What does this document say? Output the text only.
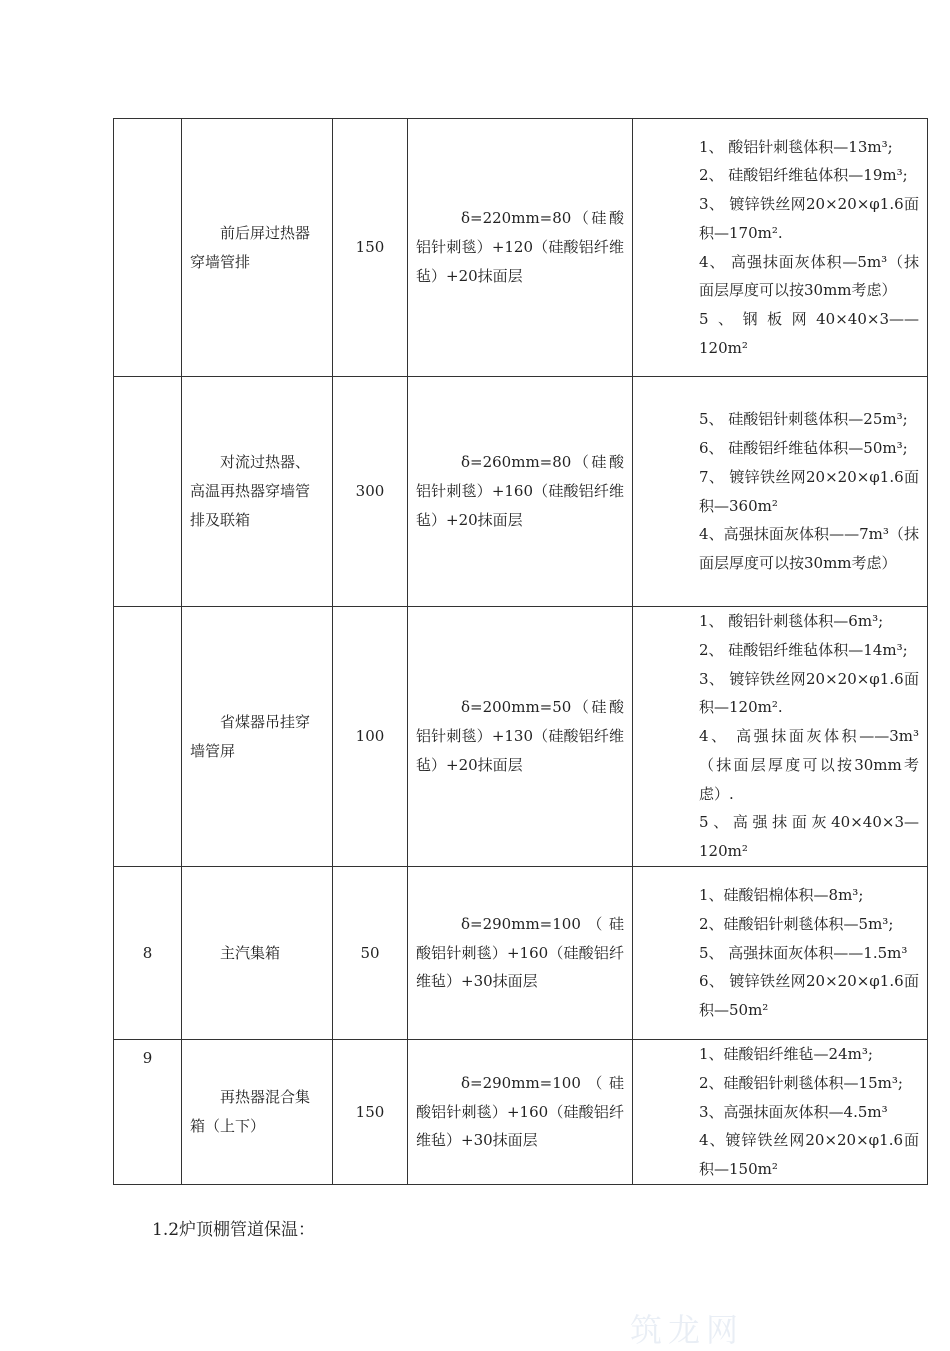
	前后屏过热器穿墙管排	150	δ=220mm=80（硅酸铝针刺毯）+120（硅酸铝纤维毡）+20抹面层	1、 酸铝针刺毯体积—13m³;
2、 硅酸铝纤维毡体积—19m³;
3、 镀锌铁丝网20×20×φ1.6面积—170m².
4、 高强抹面灰体积—5m³（抹面层厚度可以按30mm考虑）
5、钢板网40×40×3——120m²

	对流过热器、高温再热器穿墙管排及联箱	300	δ=260mm=80（硅酸铝针刺毯）+160（硅酸铝纤维毡）+20抹面层	5、 硅酸铝针刺毯体积—25m³;
6、 硅酸铝纤维毡体积—50m³;
7、 镀锌铁丝网20×20×φ1.6面积—360m²
4、高强抹面灰体积——7m³（抹面层厚度可以按30mm考虑）

	省煤器吊挂穿墙管屏	100	δ=200mm=50（硅酸铝针刺毯）+130（硅酸铝纤维毡）+20抹面层	1、 酸铝针刺毯体积—6m³;
2、 硅酸铝纤维毡体积—14m³;
3、 镀锌铁丝网20×20×φ1.6面积—120m².
4、 高强抹面灰体积——3m³（抹面层厚度可以按30mm考虑）.
5、高强抹面灰40×40×3—120m²

8	主汽集箱	50	δ=290mm=100（硅酸铝针刺毯）+160（硅酸铝纤维毡）+30抹面层	1、硅酸铝棉体积—8m³;
2、硅酸铝针刺毯体积—5m³;
5、 高强抹面灰体积——1.5m³
6、 镀锌铁丝网20×20×φ1.6面积—50m²

9	再热器混合集箱（上下）	150	δ=290mm=100（硅酸铝针刺毯）+160（硅酸铝纤维毡）+30抹面层	1、硅酸铝纤维毡—24m³;
2、硅酸铝针刺毯体积—15m³;
3、高强抹面灰体积—4.5m³
4、镀锌铁丝网20×20×φ1.6面积—150m²
1.2炉顶棚管道保温：
筑龙网
